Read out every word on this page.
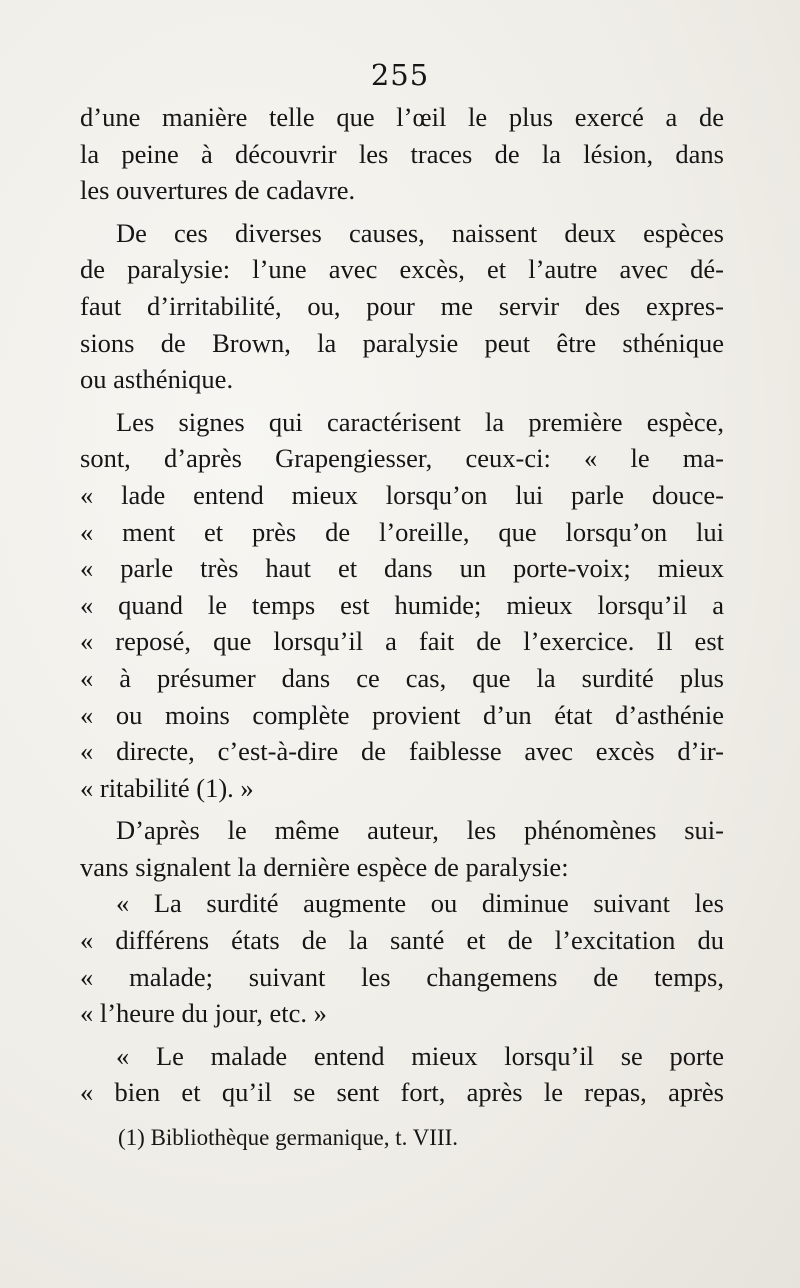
255
d’une manière telle que l’œil le plus exercé a de
la peine à découvrir les traces de la lésion, dans
les ouvertures de cadavre.
De ces diverses causes, naissent deux espèces
de paralysie: l’une avec excès, et l’autre avec dé-
faut d’irritabilité, ou, pour me servir des expres-
sions de Brown, la paralysie peut être sthénique
ou asthénique.
Les signes qui caractérisent la première espèce,
sont, d’après Grapengiesser, ceux-ci: « le ma-
« lade entend mieux lorsqu’on lui parle douce-
« ment et près de l’oreille, que lorsqu’on lui
« parle très haut et dans un porte-voix; mieux
« quand le temps est humide; mieux lorsqu’il a
« reposé, que lorsqu’il a fait de l’exercice. Il est
« à présumer dans ce cas, que la surdité plus
« ou moins complète provient d’un état d’asthénie
« directe, c’est-à-dire de faiblesse avec excès d’ir-
« ritabilité (1). »
D’après le même auteur, les phénomènes sui-
vans signalent la dernière espèce de paralysie:
« La surdité augmente ou diminue suivant les
« différens états de la santé et de l’excitation du
« malade; suivant les changemens de temps,
« l’heure du jour, etc. »
« Le malade entend mieux lorsqu’il se porte
« bien et qu’il se sent fort, après le repas, après
(1) Bibliothèque germanique, t. VIII.
